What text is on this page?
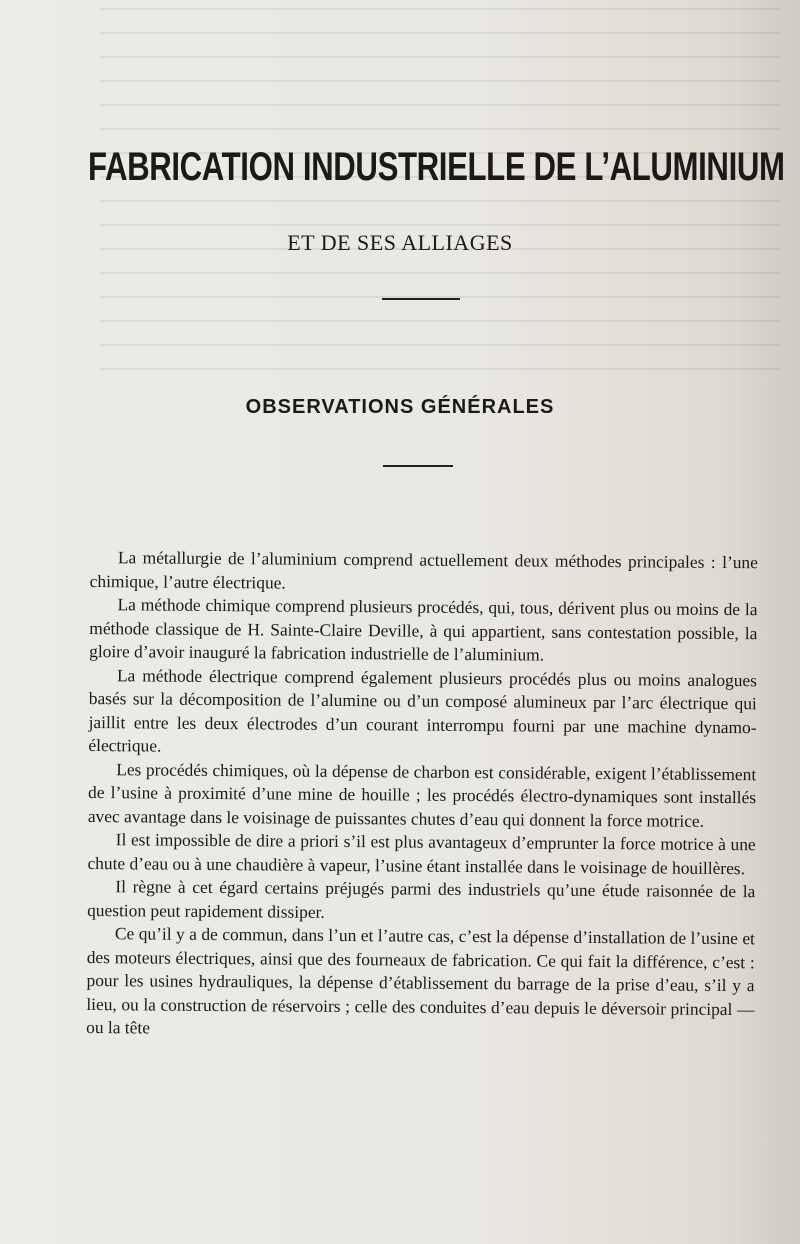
FABRICATION INDUSTRIELLE DE L’ALUMINIUM
ET DE SES ALLIAGES
OBSERVATIONS GÉNÉRALES

La métallurgie de l’aluminium comprend actuellement deux méthodes principales : l’une chimique, l’autre électrique.

La méthode chimique comprend plusieurs procédés, qui, tous, dérivent plus ou moins de la méthode classique de H. Sainte-Claire Deville, à qui appartient, sans contestation possible, la gloire d’avoir inauguré la fabrication industrielle de l’aluminium.

La méthode électrique comprend également plusieurs procédés plus ou moins analogues basés sur la décomposition de l’alumine ou d’un composé alumineux par l’arc électrique qui jaillit entre les deux électrodes d’un courant interrompu fourni par une machine dynamo-électrique.

Les procédés chimiques, où la dépense de charbon est considérable, exigent l’établissement de l’usine à proximité d’une mine de houille ; les procédés électro-dynamiques sont installés avec avantage dans le voisinage de puissantes chutes d’eau qui donnent la force motrice.

Il est impossible de dire a priori s’il est plus avantageux d’emprunter la force motrice à une chute d’eau ou à une chaudière à vapeur, l’usine étant installée dans le voisinage de houillères.

Il règne à cet égard certains préjugés parmi des industriels qu’une étude raisonnée de la question peut rapidement dissiper.

Ce qu’il y a de commun, dans l’un et l’autre cas, c’est la dépense d’installation de l’usine et des moteurs électriques, ainsi que des fourneaux de fabrication. Ce qui fait la différence, c’est : pour les usines hydrauliques, la dépense d’établissement du barrage de la prise d’eau, s’il y a lieu, ou la construction de réservoirs ; celle des conduites d’eau depuis le déversoir principal — ou la tête
